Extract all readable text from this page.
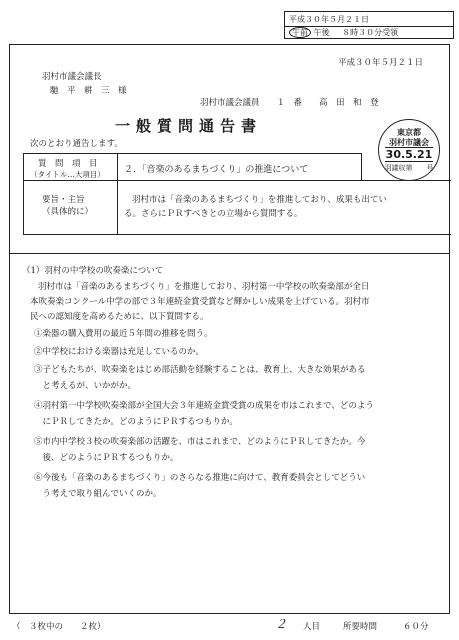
平成３０年５月２１日
午前 午後 ８時３０分受領
平成３０年５月２１日
羽村市議会議長
馳　平　耕　三　様
羽村市議会議員　　１　番　　高　田　和　登
一般質問通告書
次のとおり通告します。
質　問　項　目
（タイトル…大項目） ２．「音楽のあるまちづくり」の推進について
要旨・主旨
（具体的に）
羽村市は「音楽のあるまちづくり」を推進しており、成果も出てい
る。さらにＰＲすべきとの立場から質問する。
東京都
羽村市議会
30.5.21
羽議収第　　号
（1）羽村の中学校の吹奏楽について
羽村市は「音楽のあるまちづくり」を推進しており、羽村第一中学校の吹奏楽部が全日
本吹奏楽コンクール中学の部で３年連続金賞受賞など輝かしい成果を上げている。羽村市
民への認知度を高めるために、以下質問する。
①楽器の購入費用の最近５年間の推移を問う。
②中学校における楽器は充足しているのか。
③子どもたちが、吹奏楽をはじめ部活動を経験することは、教育上、大きな効果がある
　と考えるが、いかがか。
④羽村第一中学校吹奏楽部が全国大会３年連続金賞受賞の成果を市はこれまで、どのよう
　にＰＲしてきたか。どのようにＰＲするつもりか。
⑤市内中学校３校の吹奏楽部の活躍を、市はこれまで、どのようにＰＲしてきたか。今
　後、どのようにＰＲするつもりか。
⑥今後も「音楽のあるまちづくり」のさらなる推進に向けて、教育委員会としてどうい
　う考えで取り組んでいくのか。
（　３枚中の　　２枚）	２ 人目	所要時間	６０分
